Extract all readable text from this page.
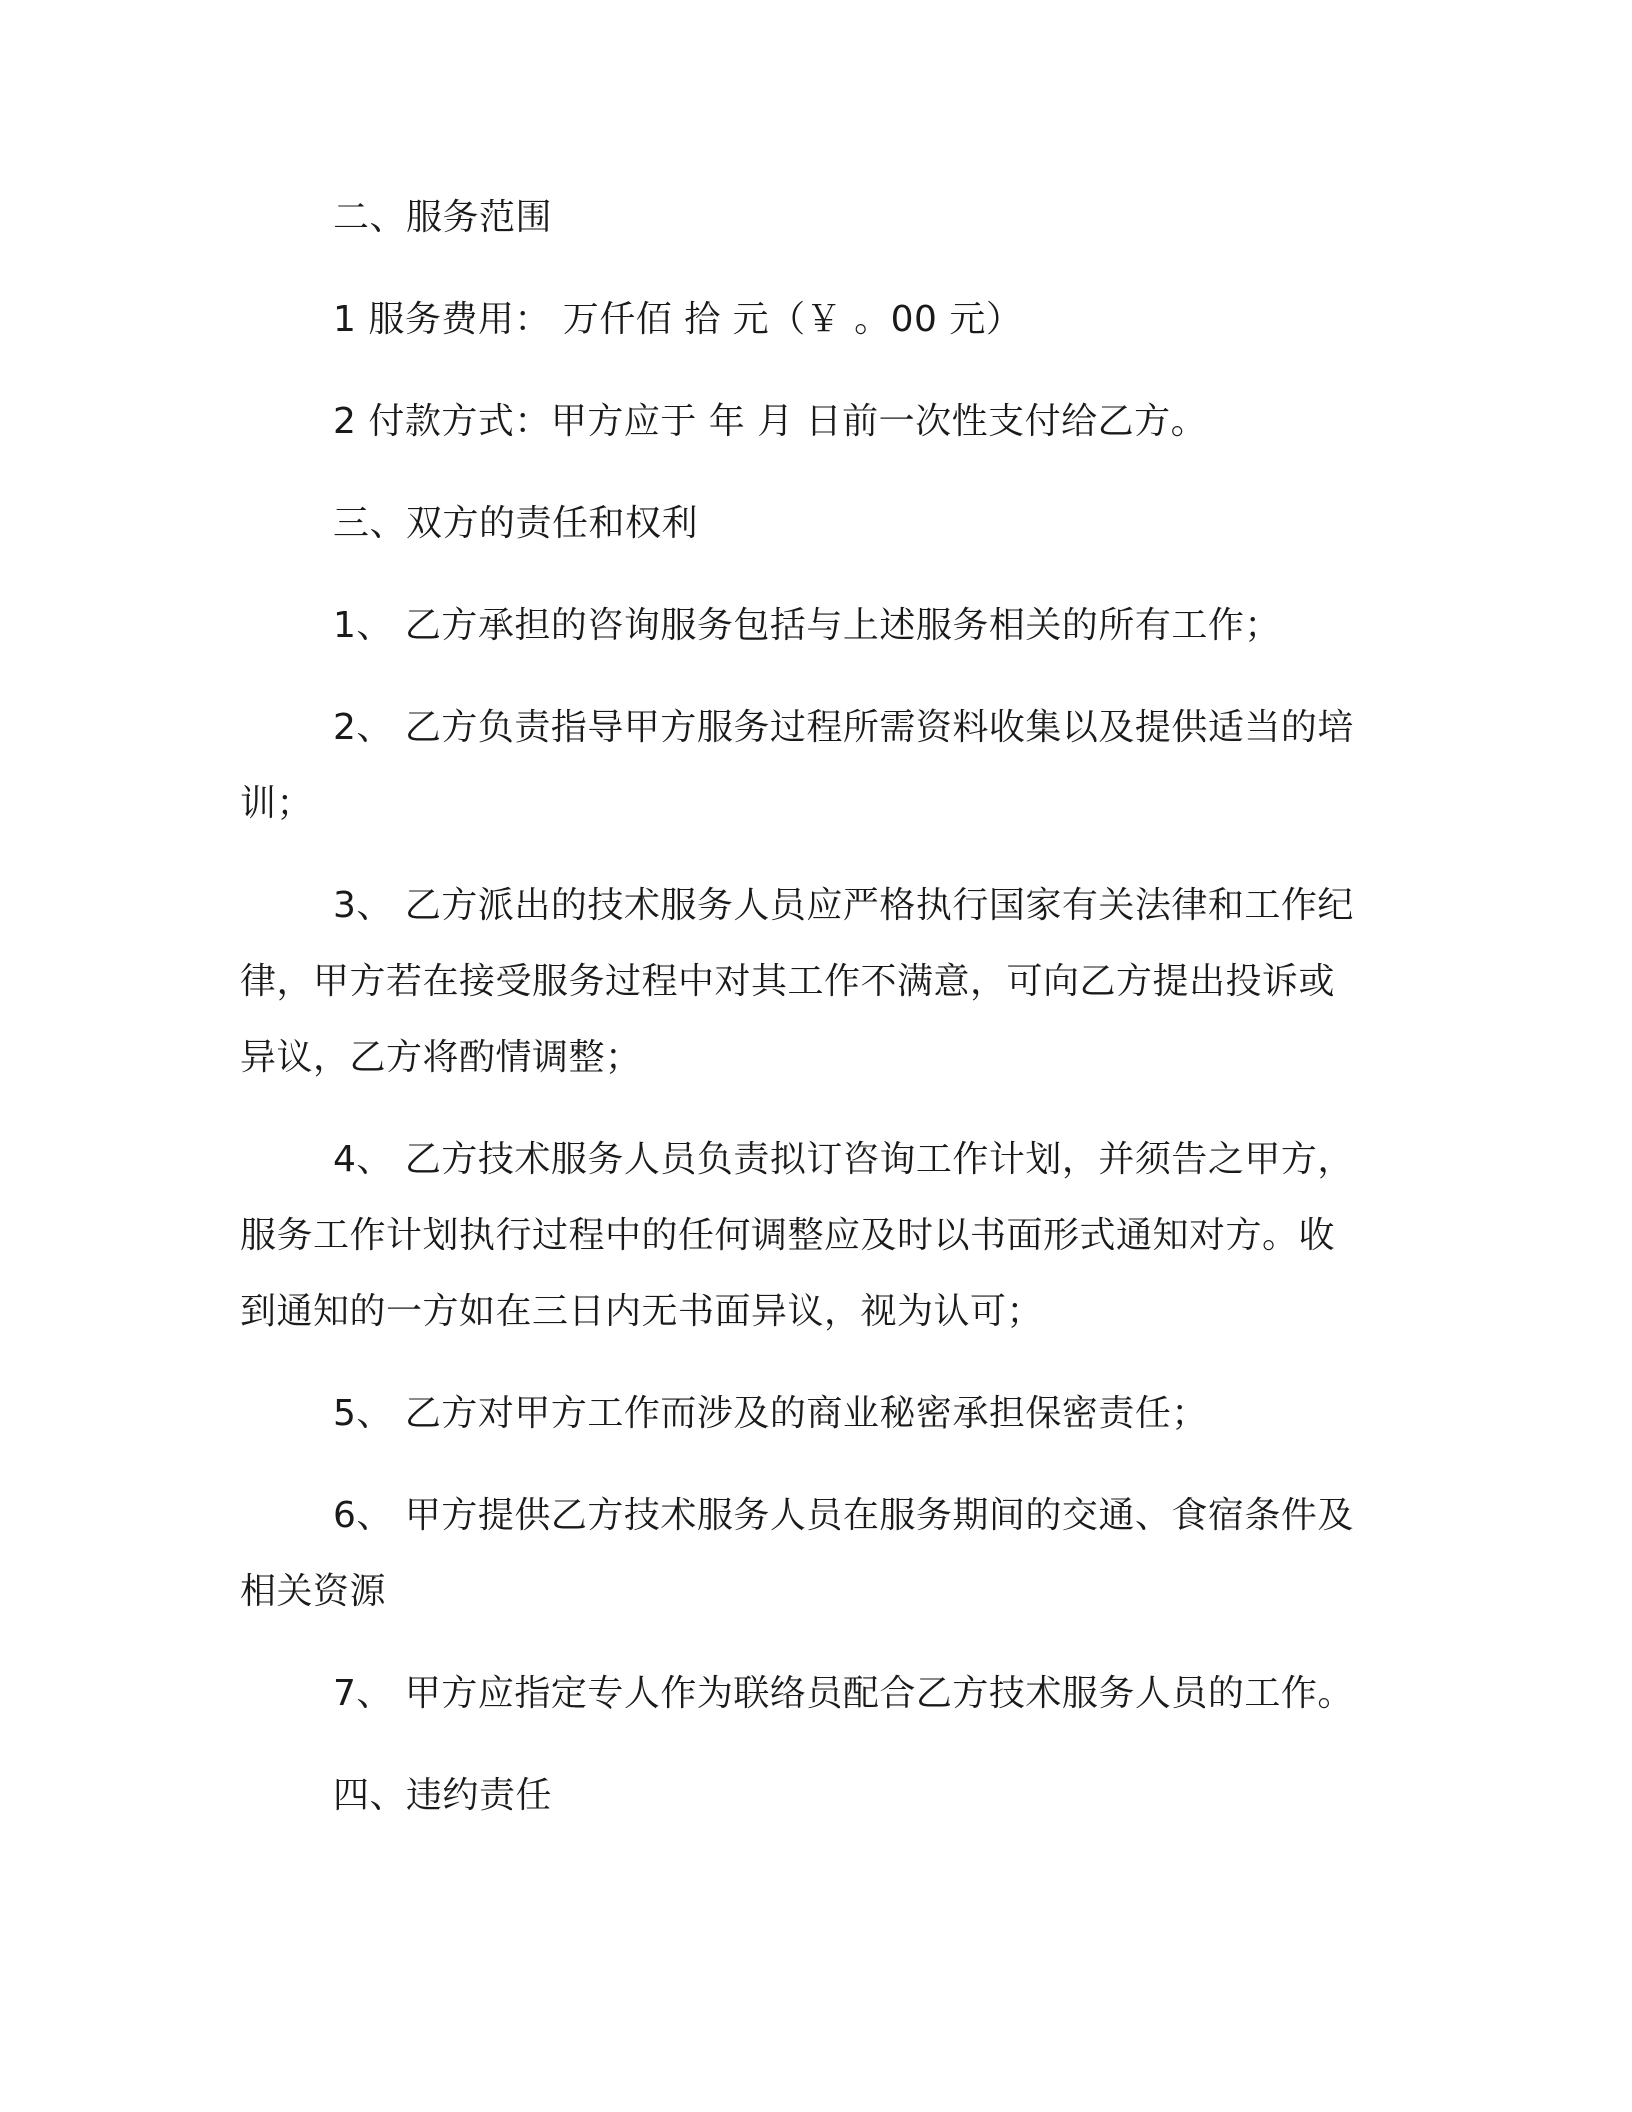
二、服务范围
1 服务费用： 万仟佰 拾 元（￥ 。00 元）
2 付款方式：甲方应于 年 月 日前一次性支付给乙方。
三、双方的责任和权利
1、 乙方承担的咨询服务包括与上述服务相关的所有工作；
2、 乙方负责指导甲方服务过程所需资料收集以及提供适当的培
训；
3、 乙方派出的技术服务人员应严格执行国家有关法律和工作纪
律，甲方若在接受服务过程中对其工作不满意，可向乙方提出投诉或
异议，乙方将酌情调整；
4、 乙方技术服务人员负责拟订咨询工作计划，并须告之甲方，
服务工作计划执行过程中的任何调整应及时以书面形式通知对方。收
到通知的一方如在三日内无书面异议，视为认可；
5、 乙方对甲方工作而涉及的商业秘密承担保密责任；
6、 甲方提供乙方技术服务人员在服务期间的交通、食宿条件及
相关资源
7、 甲方应指定专人作为联络员配合乙方技术服务人员的工作。
四、违约责任
